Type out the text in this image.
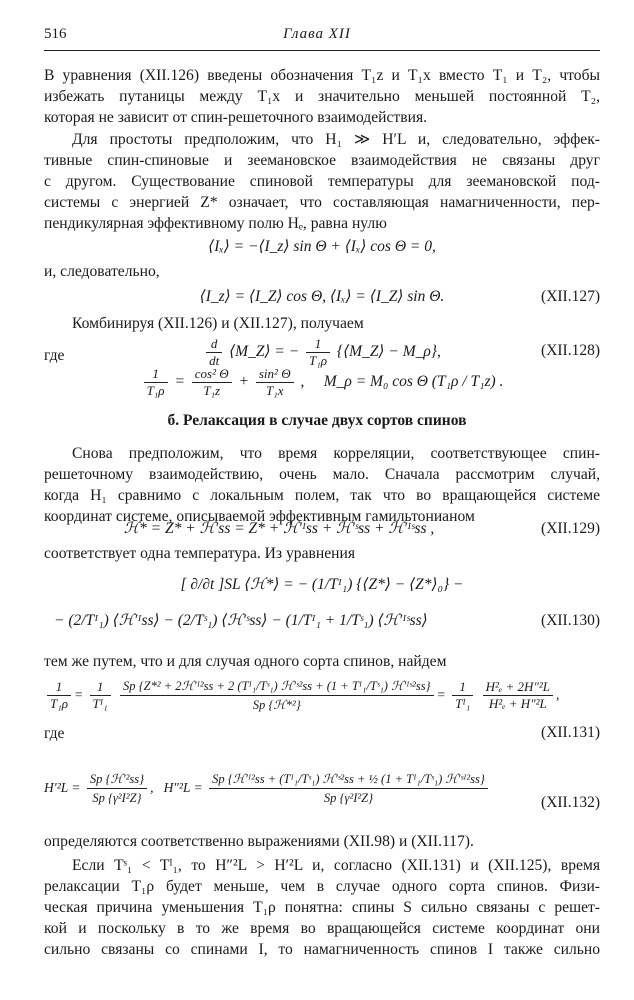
516	Глава XII
В уравнения (XII.126) введены обозначения T₁z и T₁x вместо T₁ и T₂, чтобы
избежать путаницы между T₁x и значительно меньшей постоянной T₂,
которая не зависит от спин-решеточного взаимодействия.
Для простоты предположим, что H₁ ≫ H′L и, следовательно, эффек-
тивные спин-спиновые и зеемановское взаимодействия не связаны друг
с другом. Существование спиновой температуры для зеемановской под-
системы с энергией Z* означает, что составляющая намагниченности, пер-
пендикулярная эффективному полю Hₑ, равна нулю
⟨Iₓ⟩ = −⟨I_z⟩ sin Θ + ⟨Iₓ⟩ cos Θ = 0,
и, следовательно,
⟨I_z⟩ = ⟨I_Z⟩ cos Θ, ⟨Iₓ⟩ = ⟨I_Z⟩ sin Θ.	(XII.127)
Комбинируя (XII.126) и (XII.127), получаем
$\frac{d}{dt}$ ⟨M_Z⟩ = − $\frac{1}{\text{T₁ρ}}$ {⟨M_Z⟩ − M_ρ},	(XII.128)
где
$\frac{1}{\text{T₁ρ}} = \frac{\text{cos² Θ}}{\text{T₁z}} + \frac{\text{sin² Θ}}{\text{T₁x}}$ ,     M_ρ = M₀ cos Θ (T₁ρ / T₁z) .
б. Релаксация в случае двух сортов спинов
Снова предположим, что время корреляции, соответствующее спин-
решеточному взаимодействию, очень мало. Сначала рассмотрим случай,
когда H₁ сравнимо с локальным полем, так что во вращающейся системе
координат системе, описываемой эффективным гамильтонианом
ℋ* = Z* + ℋ′ss = Z* + ℋ′ᴵss + ℋ′ˢss + ℋ′ᴵˢss ,	(XII.129)
соответствует одна температура. Из уравнения
[ ∂/∂t ]SL ⟨ℋ*⟩ = − (1/Tᴵ₁) {⟨Z*⟩ − ⟨Z*⟩₀} −
− (2/Tᴵ₁) ⟨ℋ′ᴵss⟩ − (2/Tˢ₁) ⟨ℋ′ˢss⟩ − (1/Tᴵ₁ + 1/Tˢ₁) ⟨ℋ′ᴵˢss⟩	(XII.130)
тем же путем, что и для случая одного сорта спинов, найдем
$\frac{1}{\text{T₁ρ}} = \frac{1}{\text{Tᴵ₁}}$
Sp {Z*² + 2ℋ′ᴵ²ss + 2 (Tᴵ₁/Tˢ₁) ℋ′ˢ²ss + (1 + Tᴵ₁/Tˢ₁) ℋ′ᴵˢ²ss}
Sp {ℋ*²}
= $\frac{1}{\text{Tᴵ₁}}$
$\frac{\text{H²ₑ + 2H″²L}}{\text{H²ₑ + H″²L}}$ ,
где	(XII.131)
$H'^2L = \frac{\text{Sp \{ℋ′²ss\}}}{\text{Sp \{γ²I²Z\}}}$ ,   $H''^2L = \frac{\text{Sp \{ℋ′ᴵ²ss + (Tᴵ₁/Tˢ₁) ℋ′ˢ²ss + ½ (1 + Tᴵ₁/Tˢ₁) ℋ′ˢᴵ²ss\}}}{\text{Sp \{γ²I²Z\}}}$	(XII.132)
определяются соответственно выражениями (XII.98) и (XII.117).
Если Tˢ₁ < Tᴵ₁, то H″²L > H′²L и, согласно (XII.131) и (XII.125), время
релаксации T₁ρ будет меньше, чем в случае одного сорта спинов. Физи-
ческая причина уменьшения T₁ρ понятна: спины S сильно связаны с решет-
кой и поскольку в то же время во вращающейся системе координат они
сильно связаны со спинами I, то намагниченность спинов I также сильно
